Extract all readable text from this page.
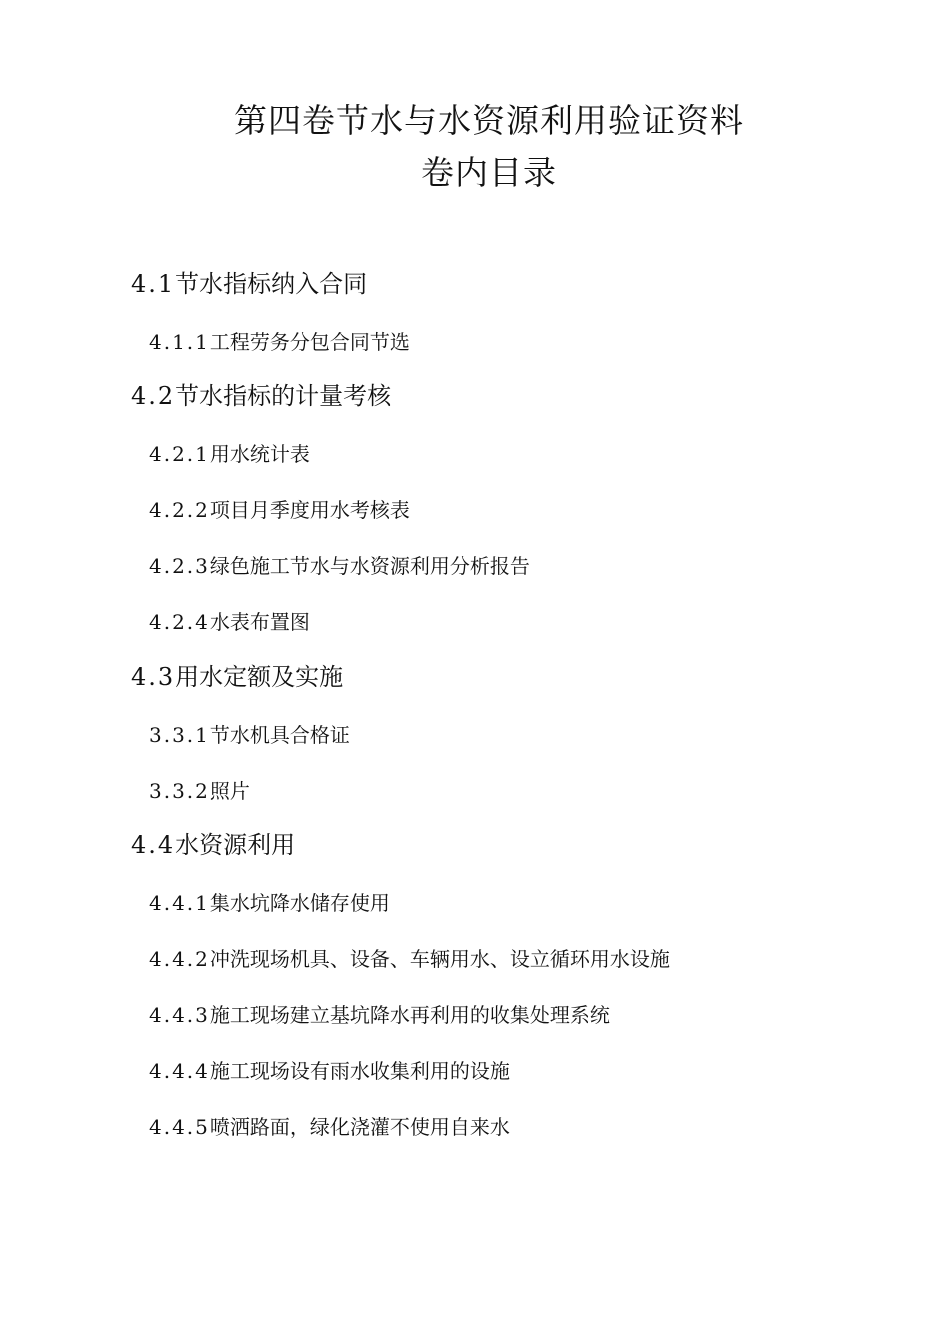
第四卷节水与水资源利用验证资料
卷内目录
4.1节水指标纳入合同
4.1.1工程劳务分包合同节选
4.2节水指标的计量考核
4.2.1用水统计表
4.2.2项目月季度用水考核表
4.2.3绿色施工节水与水资源利用分析报告
4.2.4水表布置图
4.3用水定额及实施
3.3.1节水机具合格证
3.3.2照片
4.4水资源利用
4.4.1集水坑降水储存使用
4.4.2冲洗现场机具、设备、车辆用水、设立循环用水设施
4.4.3施工现场建立基坑降水再利用的收集处理系统
4.4.4施工现场设有雨水收集利用的设施
4.4.5喷洒路面，绿化浇灌不使用自来水
